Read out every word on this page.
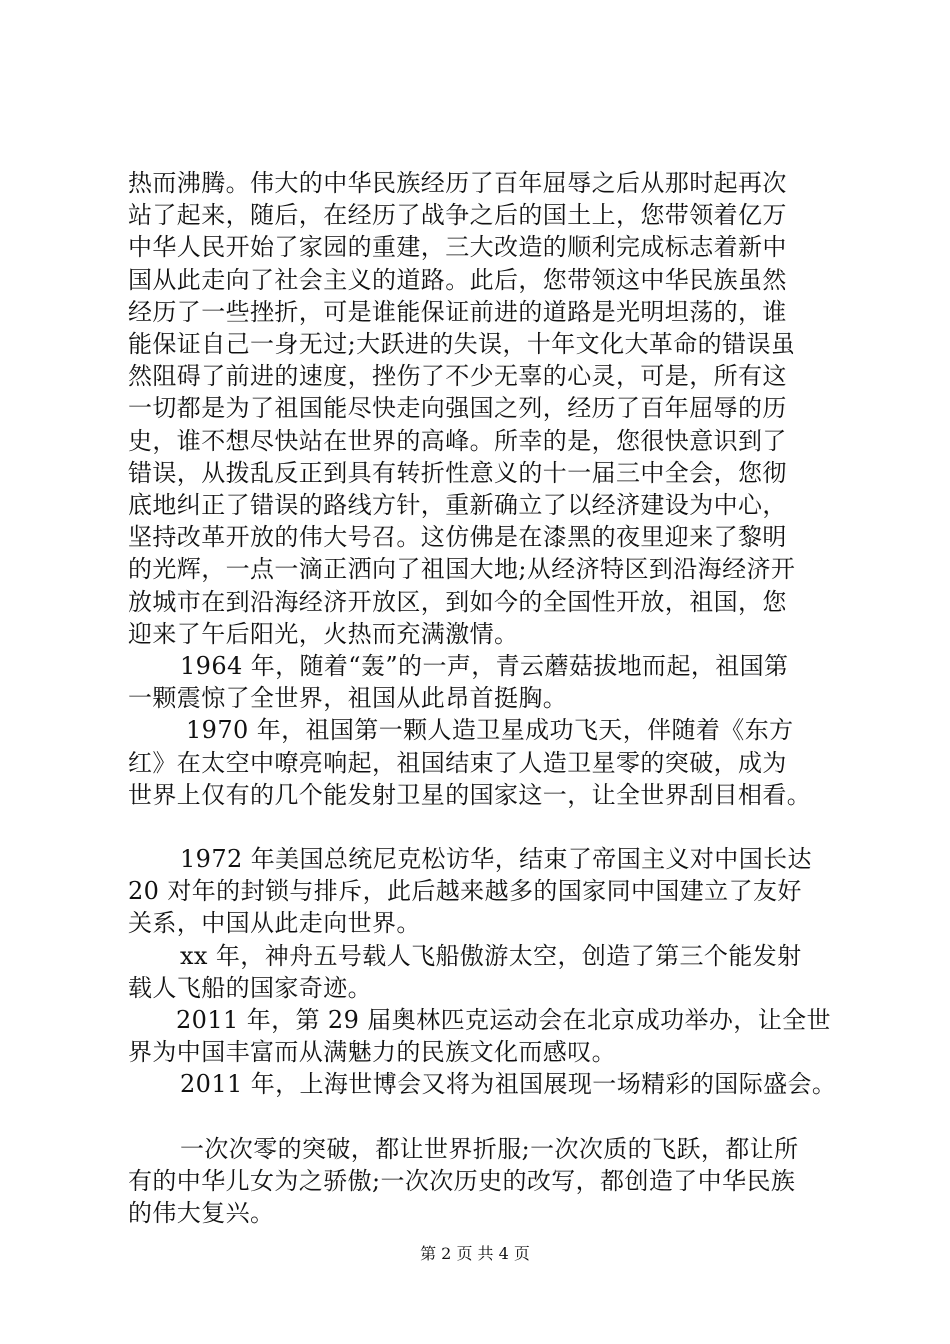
热而沸腾。伟大的中华民族经历了百年屈辱之后从那时起再次
站了起来，随后，在经历了战争之后的国土上，您带领着亿万
中华人民开始了家园的重建，三大改造的顺利完成标志着新中
国从此走向了社会主义的道路。此后，您带领这中华民族虽然
经历了一些挫折，可是谁能保证前进的道路是光明坦荡的，谁
能保证自己一身无过;大跃进的失误，十年文化大革命的错误虽
然阻碍了前进的速度，挫伤了不少无辜的心灵，可是，所有这
一切都是为了祖国能尽快走向强国之列，经历了百年屈辱的历
史，谁不想尽快站在世界的高峰。所幸的是，您很快意识到了
错误，从拨乱反正到具有转折性意义的十一届三中全会，您彻
底地纠正了错误的路线方针，重新确立了以经济建设为中心，
坚持改革开放的伟大号召。这仿佛是在漆黑的夜里迎来了黎明
的光辉，一点一滴正洒向了祖国大地;从经济特区到沿海经济开
放城市在到沿海经济开放区，到如今的全国性开放，祖国，您
迎来了午后阳光，火热而充满激情。
1964 年，随着“轰”的一声，青云蘑菇拔地而起，祖国第
一颗震惊了全世界，祖国从此昂首挺胸。
1970 年，祖国第一颗人造卫星成功飞天，伴随着《东方
红》在太空中嘹亮响起，祖国结束了人造卫星零的突破，成为
世界上仅有的几个能发射卫星的国家这一，让全世界刮目相看。
1972 年美国总统尼克松访华，结束了帝国主义对中国长达
20 对年的封锁与排斥，此后越来越多的国家同中国建立了友好
关系，中国从此走向世界。
xx 年，神舟五号载人飞船傲游太空，创造了第三个能发射
载人飞船的国家奇迹。
2011 年，第 29 届奥林匹克运动会在北京成功举办，让全世
界为中国丰富而从满魅力的民族文化而感叹。
2011 年，上海世博会又将为祖国展现一场精彩的国际盛会。
一次次零的突破，都让世界折服;一次次质的飞跃，都让所
有的中华儿女为之骄傲;一次次历史的改写，都创造了中华民族
的伟大复兴。
第 2 页 共 4 页
